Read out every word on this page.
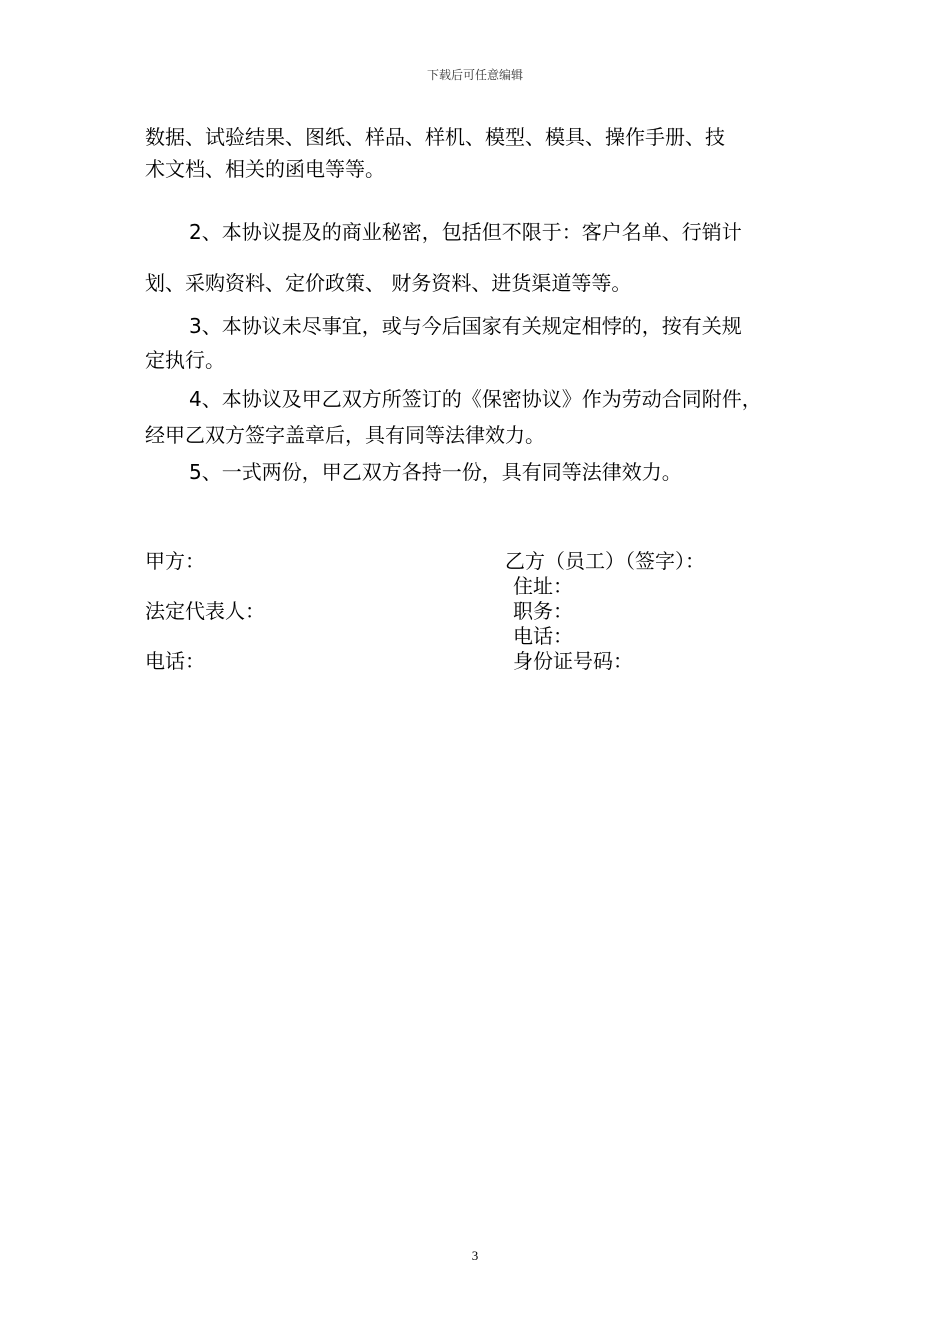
下载后可任意编辑
数据、试验结果、图纸、样品、样机、模型、模具、操作手册、技
术文档、相关的函电等等。
2、本协议提及的商业秘密，包括但不限于：客户名单、行销计
划、采购资料、定价政策、 财务资料、进货渠道等等。
3、本协议未尽事宜，或与今后国家有关规定相悖的，按有关规
定执行。
4、本协议及甲乙双方所签订的《保密协议》作为劳动合同附件，
经甲乙双方签字盖章后，具有同等法律效力。
5、一式两份，甲乙双方各持一份，具有同等法律效力。
甲方：
法定代表人：
电话：
乙方（员工）（签字）：
住址：
职务：
电话：
身份证号码：
3
